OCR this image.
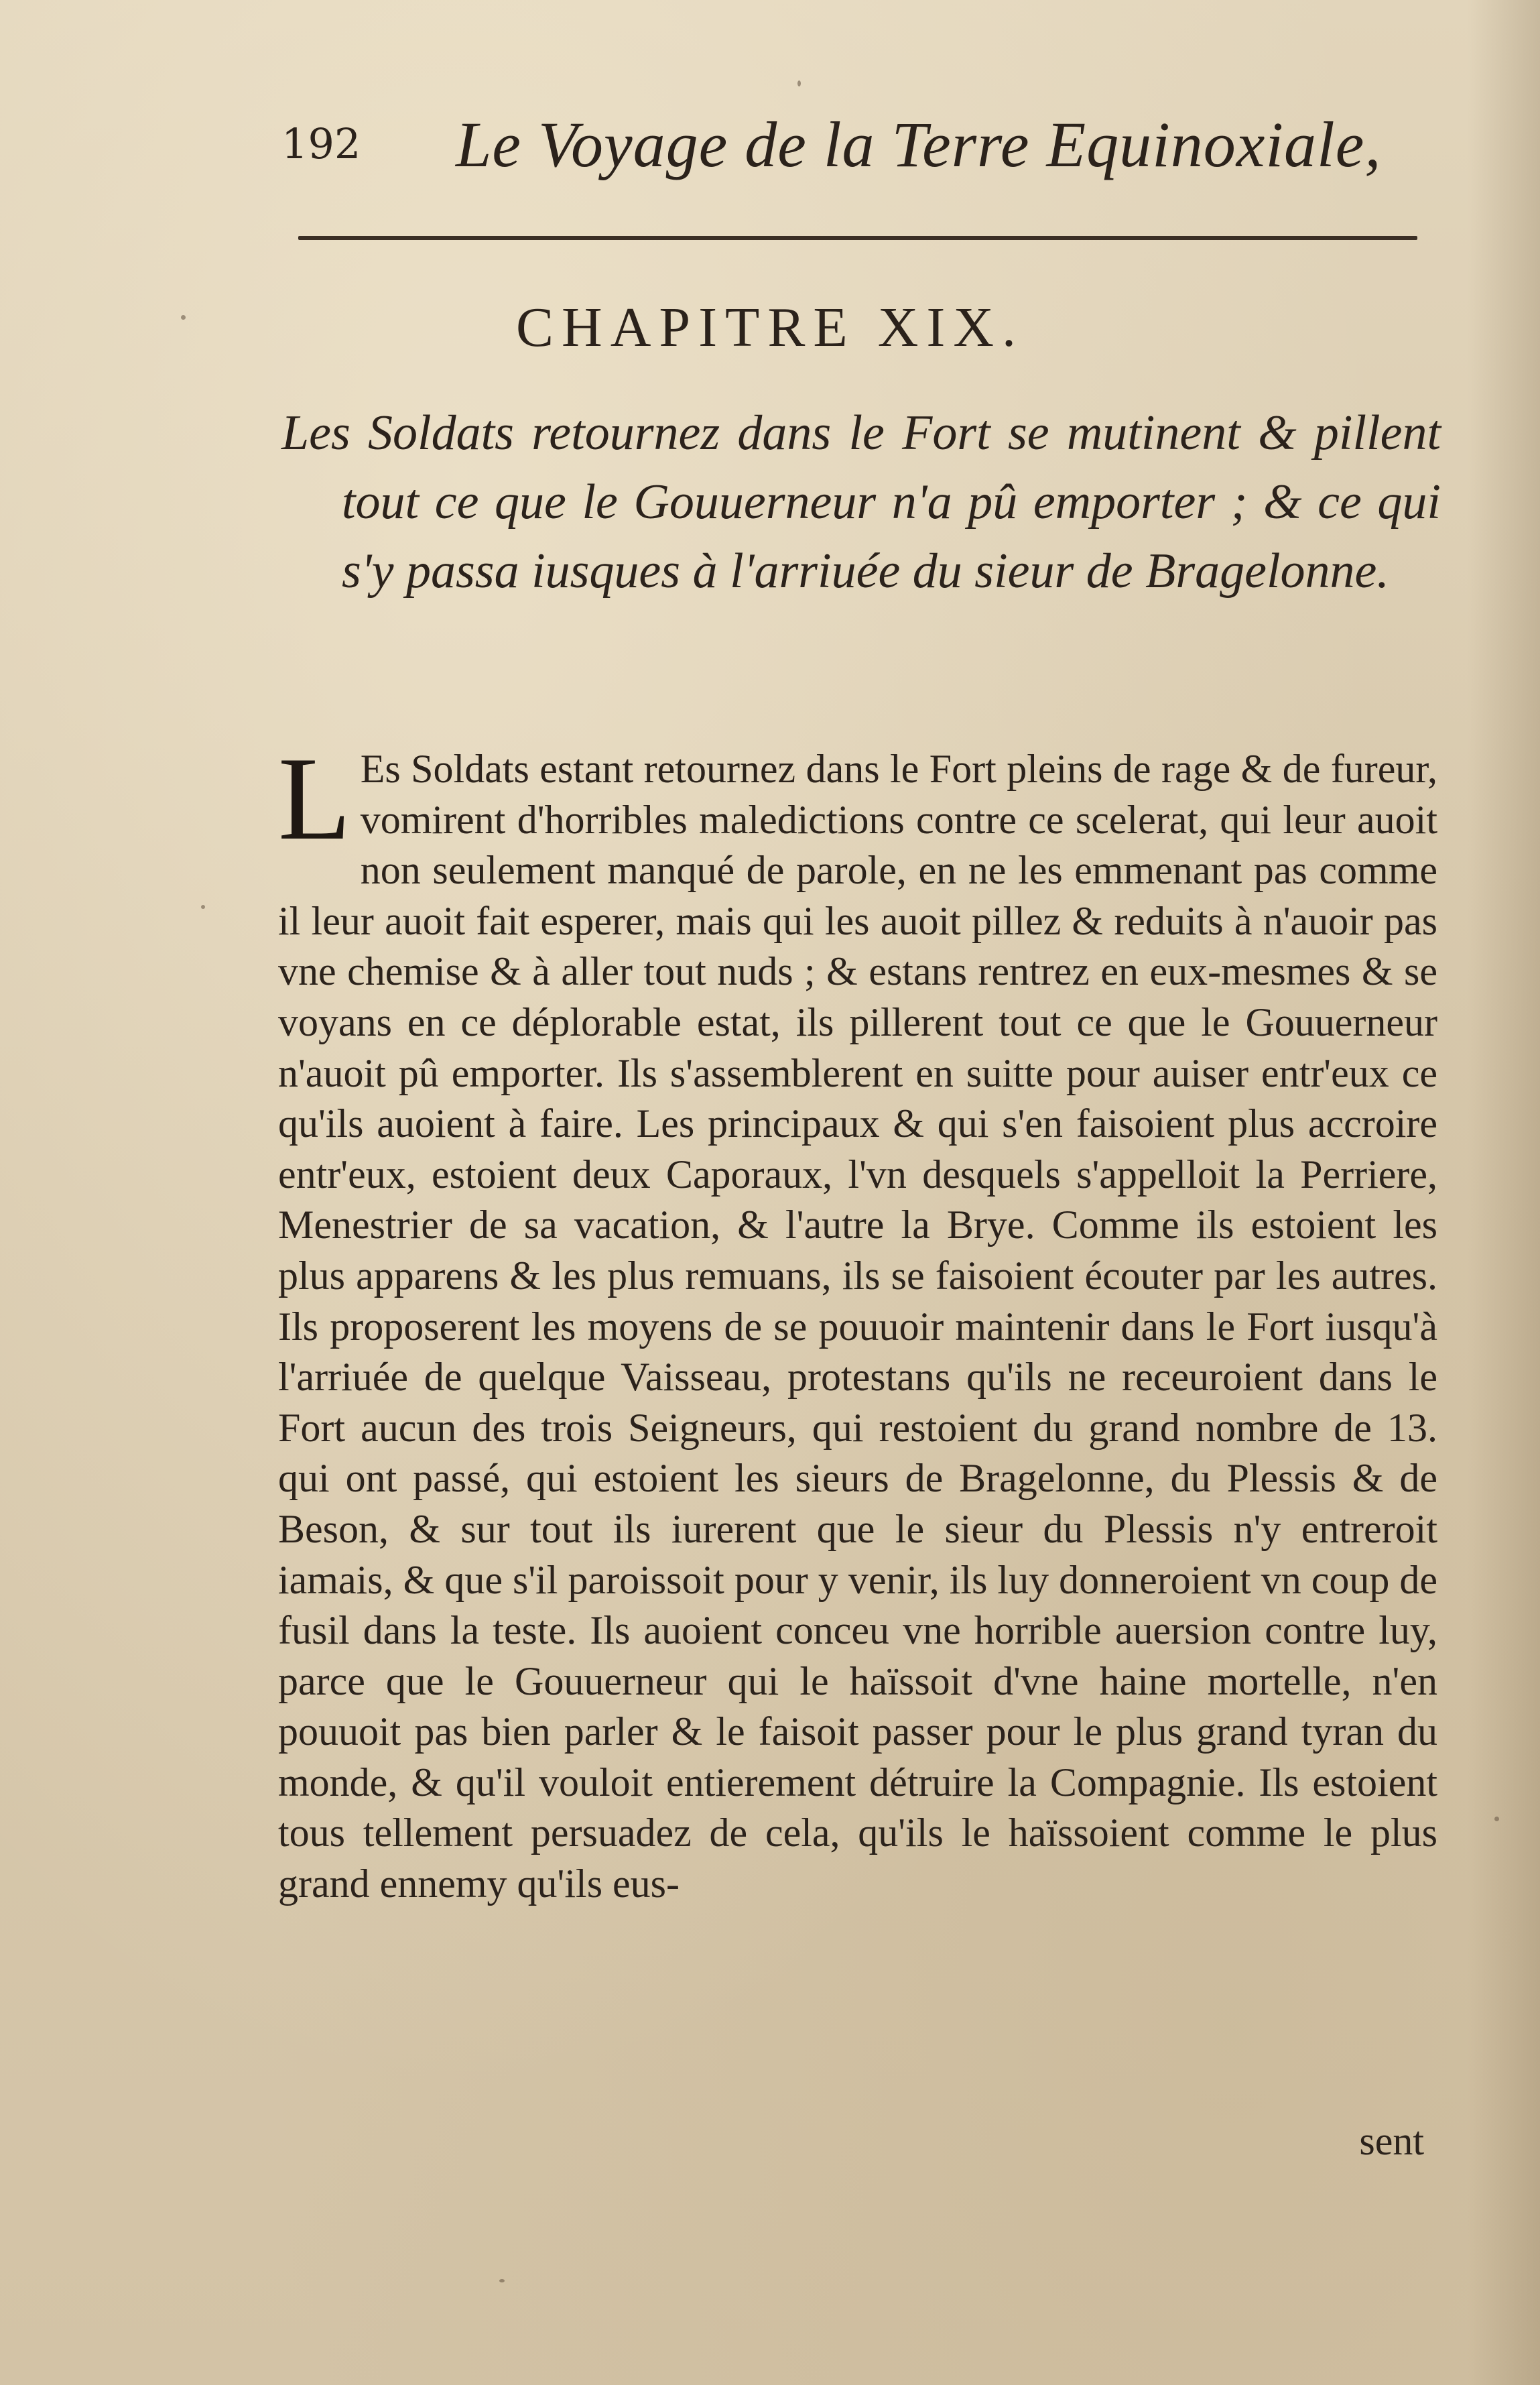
192 Le Voyage de la Terre Equinoxiale,
CHAPITRE XIX.
Les Soldats retournez dans le Fort se mutinent & pillent tout ce que le Gouuerneur n'a pû emporter ; & ce qui s'y passa iusques à l'arriuée du sieur de Bragelonne.
L Es Soldats estant retournez dans le Fort pleins de rage & de fureur, vomirent d'horribles maledictions contre ce scelerat, qui leur auoit non seulement manqué de parole, en ne les emmenant pas comme il leur auoit fait esperer, mais qui les auoit pillez & reduits à n'auoir pas vne chemise & à aller tout nuds ; & estans rentrez en eux-mesmes & se voyans en ce déplorable estat, ils pillerent tout ce que le Gouuerneur n'auoit pû emporter. Ils s'assemblerent en suitte pour auiser entr'eux ce qu'ils auoient à faire. Les principaux & qui s'en faisoient plus accroire entr'eux, estoient deux Caporaux, l'vn desquels s'appelloit la Perriere, Menestrier de sa vacation, & l'autre la Brye. Comme ils estoient les plus apparens & les plus remuans, ils se faisoient écouter par les autres. Ils proposerent les moyens de se pouuoir maintenir dans le Fort iusqu'à l'arriuée de quelque Vaisseau, protestans qu'ils ne receuroient dans le Fort aucun des trois Seigneurs, qui restoient du grand nombre de 13. qui ont passé, qui estoient les sieurs de Bragelonne, du Plessis & de Beson, & sur tout ils iurerent que le sieur du Plessis n'y entreroit iamais, & que s'il paroissoit pour y venir, ils luy donneroient vn coup de fusil dans la teste. Ils auoient conceu vne horrible auersion contre luy, parce que le Gouuerneur qui le haïssoit d'vne haine mortelle, n'en pouuoit pas bien parler & le faisoit passer pour le plus grand tyran du monde, & qu'il vouloit entierement détruire la Compagnie. Ils estoient tous tellement persuadez de cela, qu'ils le haïssoient comme le plus grand ennemy qu'ils eus-
sent
